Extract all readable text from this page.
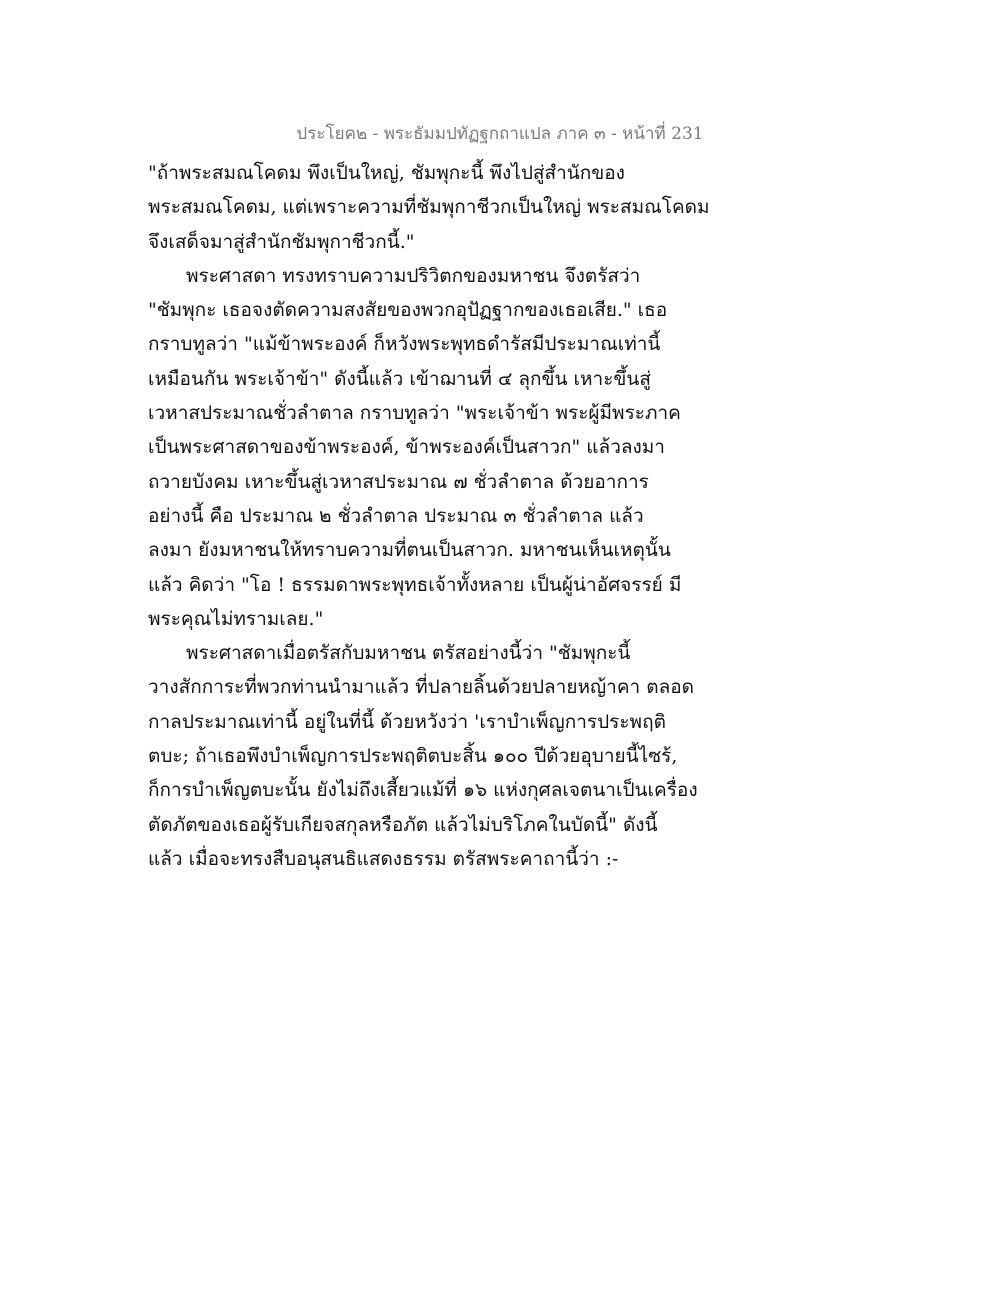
ประโยค๒ - พระธัมมปทัฏฐกถาแปล ภาค ๓ - หน้าที่ 231
"ถ้าพระสมณโคดม พึงเป็นใหญ่, ชัมพุกะนี้ พึงไปสู่สำนักของ
พระสมณโคดม, แต่เพราะความที่ชัมพุกาชีวกเป็นใหญ่ พระสมณโคดม
จึงเสด็จมาสู่สำนักชัมพุกาชีวกนี้."
พระศาสดา ทรงทราบความปริวิตกของมหาชน จึงตรัสว่า
"ชัมพุกะ เธอจงตัดความสงสัยของพวกอุปัฏฐากของเธอเสีย." เธอ
กราบทูลว่า "แม้ข้าพระองค์ ก็หวังพระพุทธดำรัสมีประมาณเท่านี้
เหมือนกัน พระเจ้าข้า" ดังนี้แล้ว เข้าฌานที่ ๔ ลุกขึ้น เหาะขึ้นสู่
เวหาสประมาณชั่วลำตาล กราบทูลว่า "พระเจ้าข้า พระผู้มีพระภาค
เป็นพระศาสดาของข้าพระองค์, ข้าพระองค์เป็นสาวก" แล้วลงมา
ถวายบังคม เหาะขึ้นสู่เวหาสประมาณ ๗ ชั่วลำตาล ด้วยอาการ
อย่างนี้ คือ ประมาณ ๒ ชั่วลำตาล ประมาณ ๓ ชั่วลำตาล แล้ว
ลงมา ยังมหาชนให้ทราบความที่ตนเป็นสาวก. มหาชนเห็นเหตุนั้น
แล้ว คิดว่า "โอ ! ธรรมดาพระพุทธเจ้าทั้งหลาย เป็นผู้น่าอัศจรรย์ มี
พระคุณไม่ทรามเลย."
พระศาสดาเมื่อตรัสกับมหาชน ตรัสอย่างนี้ว่า "ชัมพุกะนี้
วางสักการะที่พวกท่านนำมาแล้ว ที่ปลายลิ้นด้วยปลายหญ้าคา ตลอด
กาลประมาณเท่านี้ อยู่ในที่นี้ ด้วยหวังว่า 'เราบำเพ็ญการประพฤติ
ตบะ; ถ้าเธอพึงบำเพ็ญการประพฤติตบะสิ้น ๑๐๐ ปีด้วยอุบายนี้ไซร้,
ก็การบำเพ็ญตบะนั้น ยังไม่ถึงเสี้ยวแม้ที่ ๑๖ แห่งกุศลเจตนาเป็นเครื่อง
ตัดภัตของเธอผู้รับเกียจสกุลหรือภัต แล้วไม่บริโภคในบัดนี้" ดังนี้
แล้ว เมื่อจะทรงสืบอนุสนธิแสดงธรรม ตรัสพระคาถานี้ว่า :-
